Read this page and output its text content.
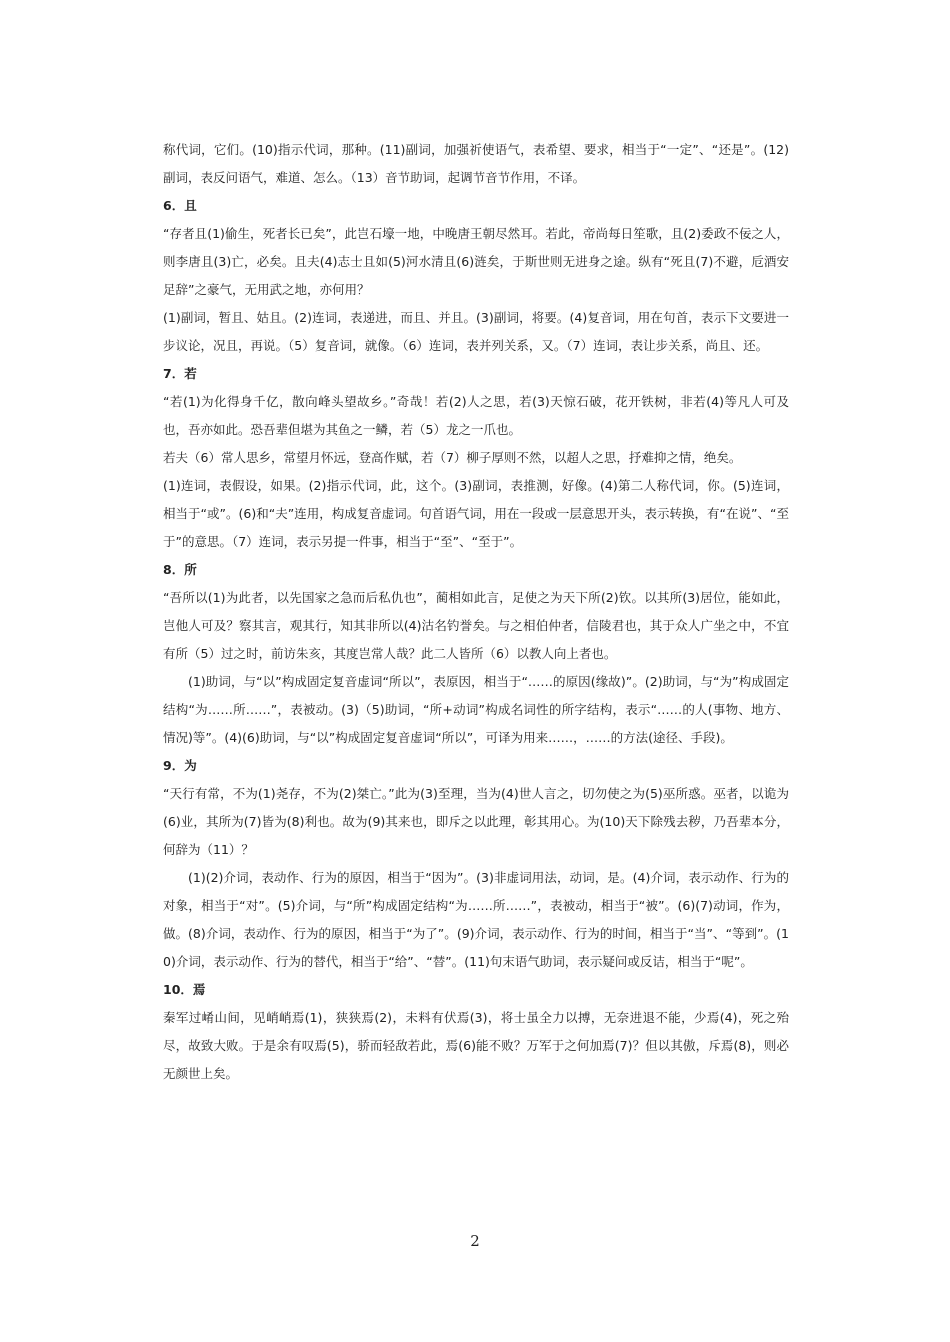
称代词，它们。(10)指示代词，那种。(11)副词，加强祈使语气，表希望、要求，相当于“一定”、“还是”。(12)副词，表反问语气，难道、怎么。（13）音节助词，起调节音节作用，不译。

6．且

“存者且(1)偷生，死者长已矣”，此岂石壕一地，中晚唐王朝尽然耳。若此，帝尚每日笙歌，且(2)委政不佞之人，则李唐且(3)亡，必矣。且夫(4)志士且如(5)河水清且(6)涟矣，于斯世则无进身之途。纵有“死且(7)不避，卮酒安足辞”之豪气，无用武之地，亦何用？

(1)副词，暂且、姑且。(2)连词，表递进，而且、并且。(3)副词，将要。(4)复音词，用在句首，表示下文要进一步议论，况且，再说。（5）复音词，就像。（6）连词，表并列关系，又。（7）连词，表让步关系，尚且、还。

7．若

“若(1)为化得身千亿，散向峰头望故乡。”奇哉！若(2)人之思，若(3)天惊石破，花开铁树，非若(4)等凡人可及也，吾亦如此。恐吾辈但堪为其鱼之一鳞，若（5）龙之一爪也。

若夫（6）常人思乡，常望月怀远，登高作赋，若（7）柳子厚则不然，以超人之思，抒难抑之情，绝矣。

(1)连词，表假设，如果。(2)指示代词，此，这个。(3)副词，表推测，好像。(4)第二人称代词，你。(5)连词，相当于“或”。(6)和“夫”连用，构成复音虚词。句首语气词，用在一段或一层意思开头，表示转换，有“在说”、“至于”的意思。（7）连词，表示另提一件事，相当于“至”、“至于”。

8．所

“吾所以(1)为此者，以先国家之急而后私仇也”，蔺相如此言，足使之为天下所(2)钦。以其所(3)居位，能如此，岂他人可及？察其言，观其行，知其非所以(4)沽名钓誉矣。与之相伯仲者，信陵君也，其于众人广坐之中，不宜有所（5）过之时，前访朱亥，其度岂常人哉？此二人皆所（6）以教人向上者也。

(1)助词，与“以”构成固定复音虚词“所以”，表原因，相当于“……的原因(缘故)”。(2)助词，与“为”构成固定结构“为……所……”，表被动。(3)（5)助词，“所+动词”构成名词性的所字结构，表示“……的人(事物、地方、情况)等”。(4)(6)助词，与“以”构成固定复音虚词“所以”，可译为用来……，……的方法(途径、手段)。

9．为

“天行有常，不为(1)尧存，不为(2)桀亡。”此为(3)至理，当为(4)世人言之，切勿使之为(5)巫所惑。巫者，以诡为(6)业，其所为(7)皆为(8)利也。故为(9)其来也，即斥之以此理，彰其用心。为(10)天下除残去秽，乃吾辈本分，何辞为（11）？

(1)(2)介词，表动作、行为的原因，相当于“因为”。(3)非虚词用法，动词，是。(4)介词，表示动作、行为的对象，相当于“对”。(5)介词，与“所”构成固定结构“为……所……”，表被动，相当于“被”。(6)(7)动词，作为，做。(8)介词，表动作、行为的原因，相当于“为了”。(9)介词，表示动作、行为的时间，相当于“当”、“等到”。(10)介词，表示动作、行为的替代，相当于“给”、“替”。(11)句末语气助词，表示疑问或反诘，相当于“呢”。

10．焉

秦军过崤山间，见峭峭焉(1)，狭狭焉(2)，未料有伏焉(3)，将士虽全力以搏，无奈进退不能，少焉(4)，死之殆尽，故致大败。于是余有叹焉(5)，骄而轻敌若此，焉(6)能不败？万军于之何加焉(7)？但以其傲，斥焉(8)，则必无颜世上矣。

2
